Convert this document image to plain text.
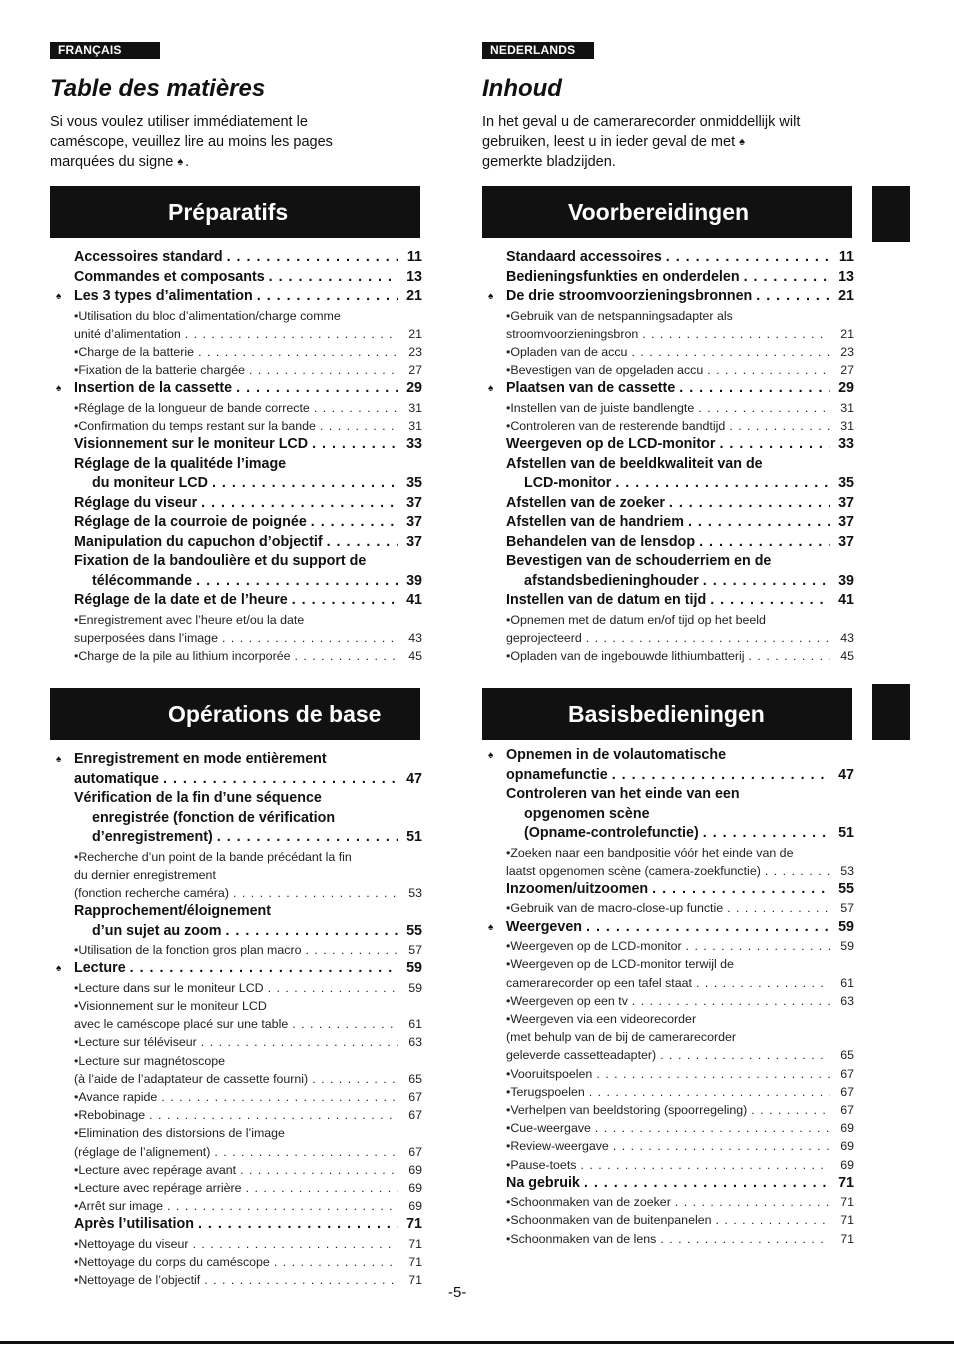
FRANÇAIS
Table des matières
Si vous voulez utiliser immédiatement le
caméscope, veuillez lire au moins les pages
marquées du signe ♠ .
Préparatifs
Accessoires standard . . .	11
Commandes et composants . . .	13
♠ Les 3 types d’alimentation . . .	21
•Utilisation du bloc d’alimentation/charge comme
unité d’alimentation . . .	21
•Charge de la batterie . . .	23
•Fixation de la batterie chargée . . .	27
♠ Insertion de la cassette . . .	29
•Réglage de la longueur de bande correcte . . .	31
•Confirmation du temps restant sur la bande . . .	31
Visionnement sur le moniteur LCD . . .	33
Réglage de la qualitéde l’image
du moniteur LCD . . .	35
Réglage du viseur . . .	37
Réglage de la courroie de poignée . . .	37
Manipulation du capuchon d’objectif . . .	37
Fixation de la bandoulière et du support de
télécommande . . .	39
Réglage de la date et de l’heure . . .	41
•Enregistrement avec l’heure et/ou la date
superposées dans l’image . . .	43
•Charge de la pile au lithium incorporée . . .	45
Opérations de base
♠ Enregistrement en mode entièrement
automatique . . .	47
Vérification de la fin d’une séquence
enregistrée (fonction de vérification
d’enregistrement) . . .	51
•Recherche d’un point de la bande précédant la fin
du dernier enregistrement
(fonction recherche caméra) . . .	53
Rapprochement/éloignement
d’un sujet au zoom . . .	55
•Utilisation de la fonction gros plan macro . . .	57
♠ Lecture . . .	59
•Lecture dans sur le moniteur LCD . . .	59
•Visionnement sur le moniteur LCD
avec le caméscope placé sur une table . . .	61
•Lecture sur téléviseur . . .	63
•Lecture sur magnétoscope
(à l’aide de l’adaptateur de cassette fourni) . . .	65
•Avance rapide . . .	67
•Rebobinage . . .	67
•Elimination des distorsions de l’image
(réglage de l’alignement) . . .	67
•Lecture avec repérage avant . . .	69
•Lecture avec repérage arrière . . .	69
•Arrêt sur image . . .	69
Après l’utilisation . . .	71
•Nettoyage du viseur . . .	71
•Nettoyage du corps du caméscope . . .	71
•Nettoyage de l’objectif . . .	71
NEDERLANDS
Inhoud
In het geval u de camerarecorder onmiddellijk wilt
gebruiken, leest u in ieder geval de met ♠
gemerkte bladzijden.
Voorbereidingen
Standaard accessoires . . .	11
Bedieningsfunkties en onderdelen . . .	13
♠ De drie stroomvoorzieningsbronnen . . .	21
•Gebruik van de netspanningsadapter als
stroomvoorzieningsbron . . .	21
•Opladen van de accu . . .	23
•Bevestigen van de opgeladen accu . . .	27
♠ Plaatsen van de cassette . . .	29
•Instellen van de juiste bandlengte . . .	31
•Controleren van de resterende bandtijd . . .	31
Weergeven op de LCD-monitor . . .	33
Afstellen van de beeldkwaliteit van de
LCD-monitor . . .	35
Afstellen van de zoeker . . .	37
Afstellen van de handriem . . .	37
Behandelen van de lensdop . . .	37
Bevestigen van de schouderriem en de
afstandsbedieninghouder . . .	39
Instellen van de datum en tijd . . .	41
•Opnemen met de datum en/of tijd op het beeld
geprojecteerd . . .	43
•Opladen van de ingebouwde lithiumbatterij . . .	45
Basisbedieningen
♠ Opnemen in de volautomatische
opnamefunctie . . .	47
Controleren van het einde van een
opgenomen scène
(Opname-controlefunctie) . . .	51
•Zoeken naar een bandpositie vóór het einde van de
laatst opgenomen scène (camera-zoekfunctie) . . .	53
Inzoomen/uitzoomen . . .	55
•Gebruik van de macro-close-up functie . . .	57
♠ Weergeven . . .	59
•Weergeven op de LCD-monitor . . .	59
•Weergeven op de LCD-monitor terwijl de
camerarecorder op een tafel staat . . .	61
•Weergeven op een tv . . .	63
•Weergeven via een videorecorder
(met behulp van de bij de camerarecorder
geleverde cassetteadapter) . . .	65
•Vooruitspoelen . . .	67
•Terugspoelen . . .	67
•Verhelpen van beeldstoring (spoorregeling) . . .	67
•Cue-weergave . . .	69
•Review-weergave . . .	69
•Pause-toets . . .	69
Na gebruik . . .	71
•Schoonmaken van de zoeker . . .	71
•Schoonmaken van de buitenpanelen . . .	71
•Schoonmaken van de lens . . .	71
-5-
